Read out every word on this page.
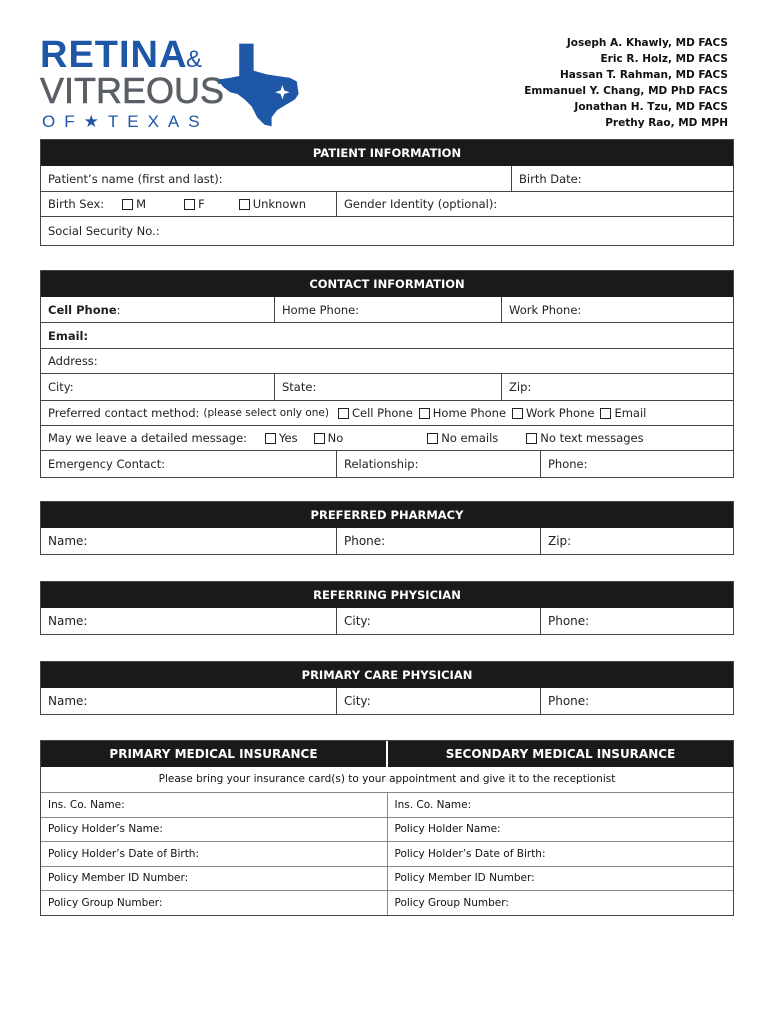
RETINA
&
VITREOUS
OF★TEXAS
Joseph A. Khawly, MD FACS
Eric R. Holz, MD FACS
Hassan T. Rahman, MD FACS
Emmanuel Y. Chang, MD PhD FACS
Jonathan H. Tzu, MD FACS
Prethy Rao, MD MPH
PATIENT INFORMATION
Patient’s name (first and last):	Birth Date:
Birth Sex:	M	F	Unknown	Gender Identity (optional):
Social Security No.:
CONTACT INFORMATION
Cell Phone :	Home Phone:	Work Phone:
Email:
Address:
City:	State:	Zip:
Preferred contact method: (please select only one) Cell Phone Home Phone Work Phone Email
May we leave a detailed message:	Yes	No	No emails	No text messages
Emergency Contact:	Relationship:	Phone:
PREFERRED PHARMACY
Name:	Phone:	Zip:
REFERRING PHYSICIAN
Name:	City:	Phone:
PRIMARY CARE PHYSICIAN
Name:	City:	Phone:
PRIMARY MEDICAL INSURANCE	SECONDARY MEDICAL INSURANCE
Please bring your insurance card(s) to your appointment and give it to the receptionist
Ins. Co. Name:	Ins. Co. Name:
Policy Holder’s Name:	Policy Holder Name:
Policy Holder’s Date of Birth:	Policy Holder’s Date of Birth:
Policy Member ID Number:	Policy Member ID Number:
Policy Group Number:	Policy Group Number:
